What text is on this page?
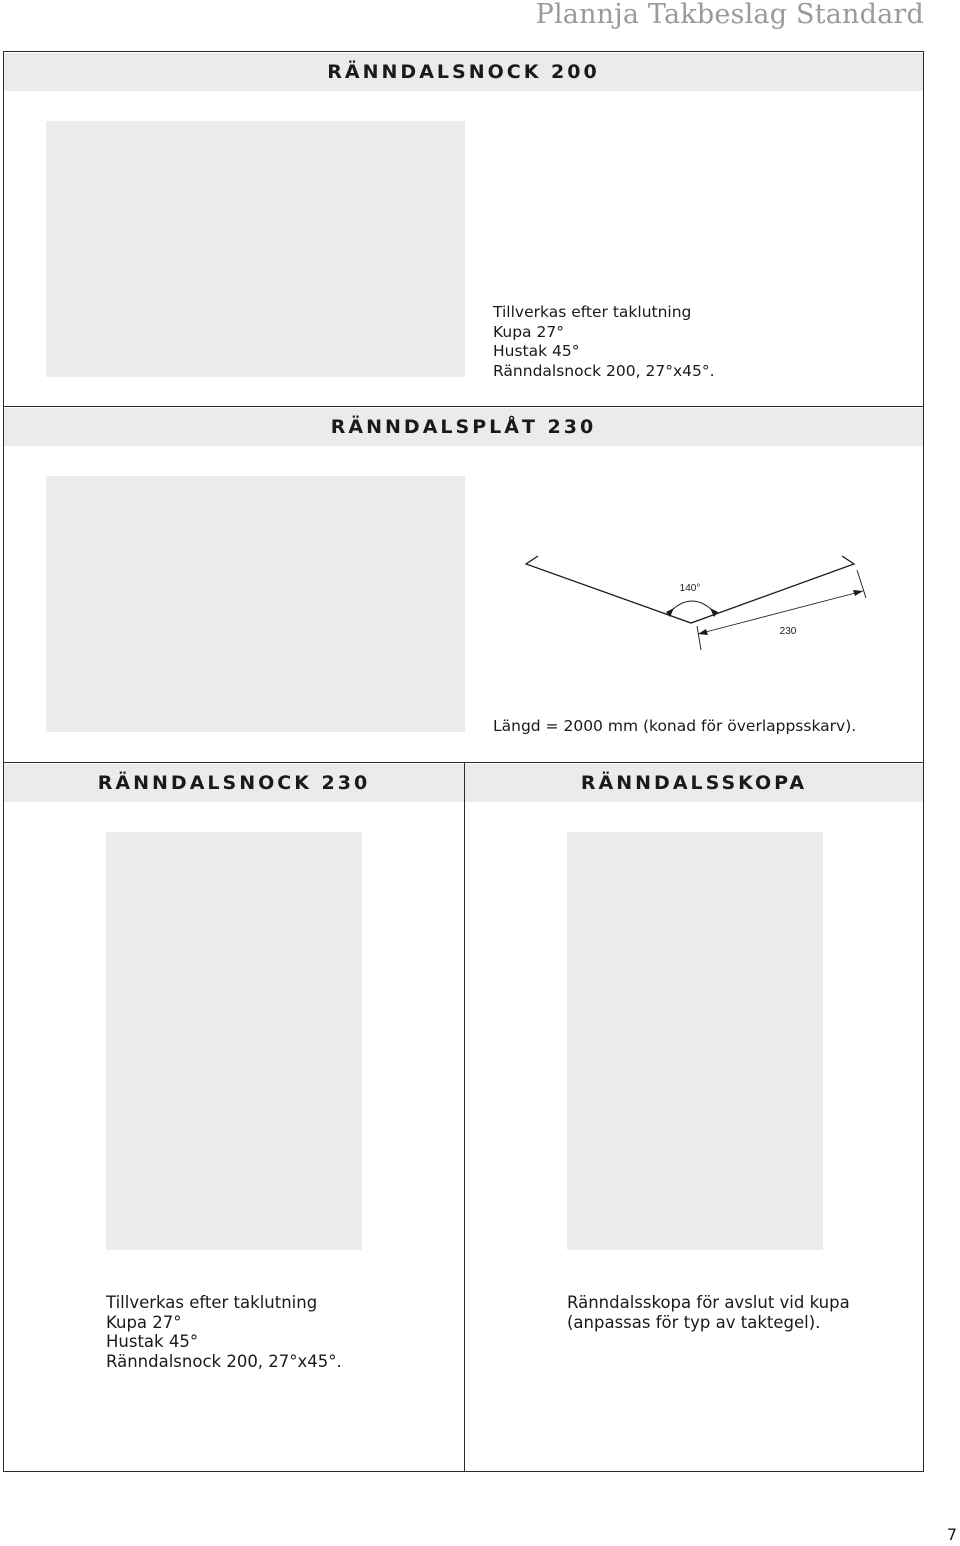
Plannja Takbeslag Standard
RÄNNDALSNOCK 200
Tillverkas efter taklutning
Kupa 27°
Hustak 45°
Ränndalsnock 200, 27°x45°.
RÄNNDALSPLÅT 230
140°
230
Längd = 2000 mm (konad för överlappsskarv).
RÄNNDALSNOCK 230	RÄNNDALSSKOPA
Tillverkas efter taklutning
Kupa 27°
Hustak 45°
Ränndalsnock 200, 27°x45°.
Ränndalsskopa för avslut vid kupa
(anpassas för typ av taktegel).
7
